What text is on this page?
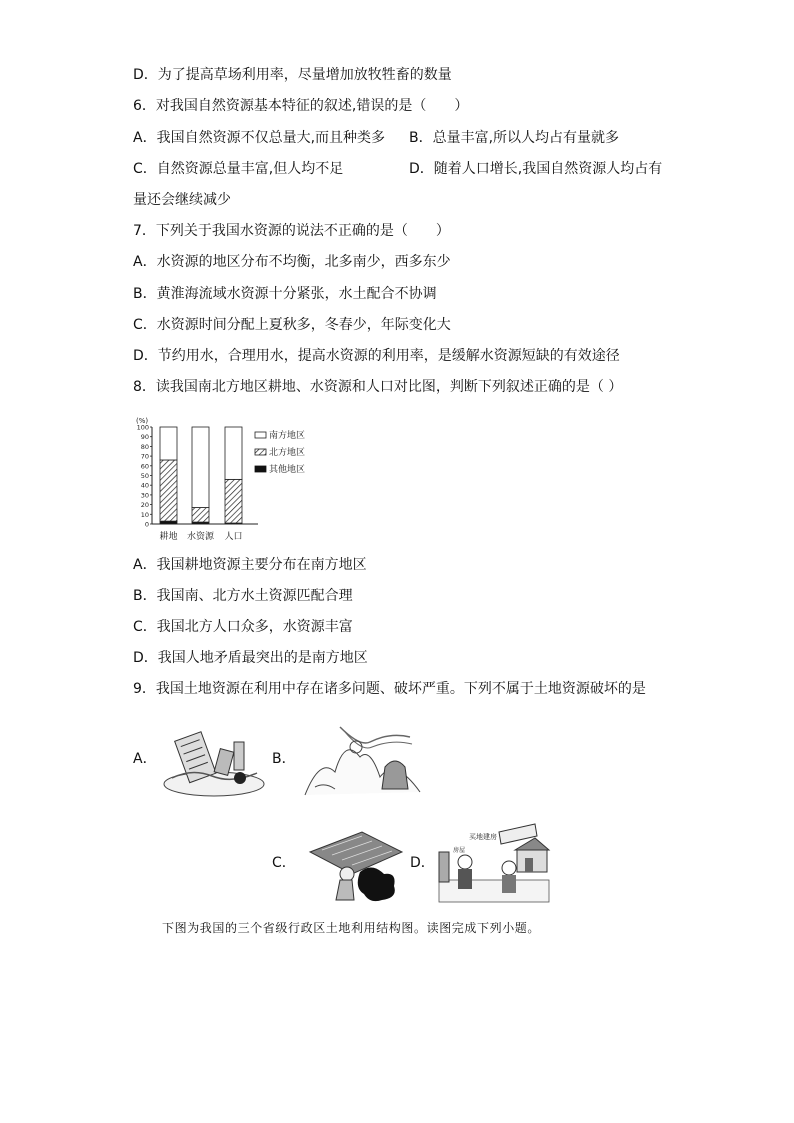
D．为了提高草场利用率，尽量增加放牧牲畜的数量
6．对我国自然资源基本特征的叙述,错误的是（　　）
A．我国自然资源不仅总量大,而且种类多 B．总量丰富,所以人均占有量就多
C．自然资源总量丰富,但人均不足	D．随着人口增长,我国自然资源人均占有
量还会继续减少
7．下列关于我国水资源的说法不正确的是（　　）
A．水资源的地区分布不均衡，北多南少，西多东少
B．黄淮海流域水资源十分紧张，水土配合不协调
C．水资源时间分配上夏秋多，冬春少，年际变化大
D．节约用水，合理用水，提高水资源的利用率，是缓解水资源短缺的有效途径
8．读我国南北方地区耕地、水资源和人口对比图，判断下列叙述正确的是（ ）
(%)
0
10
20
30
40
50
60
70
80
90
100
耕地 水资源 人口
南方地区
北方地区
其他地区
A．我国耕地资源主要分布在南方地区
B．我国南、北方水土资源匹配合理
C．我国北方人口众多，水资源丰富
D．我国人地矛盾最突出的是南方地区
9．我国土地资源在利用中存在诸多问题、破坏严重。下列不属于土地资源破坏的是
A．	B．
C．	D．
买地建房
房屋
下图为我国的三个省级行政区土地利用结构图。读图完成下列小题。
